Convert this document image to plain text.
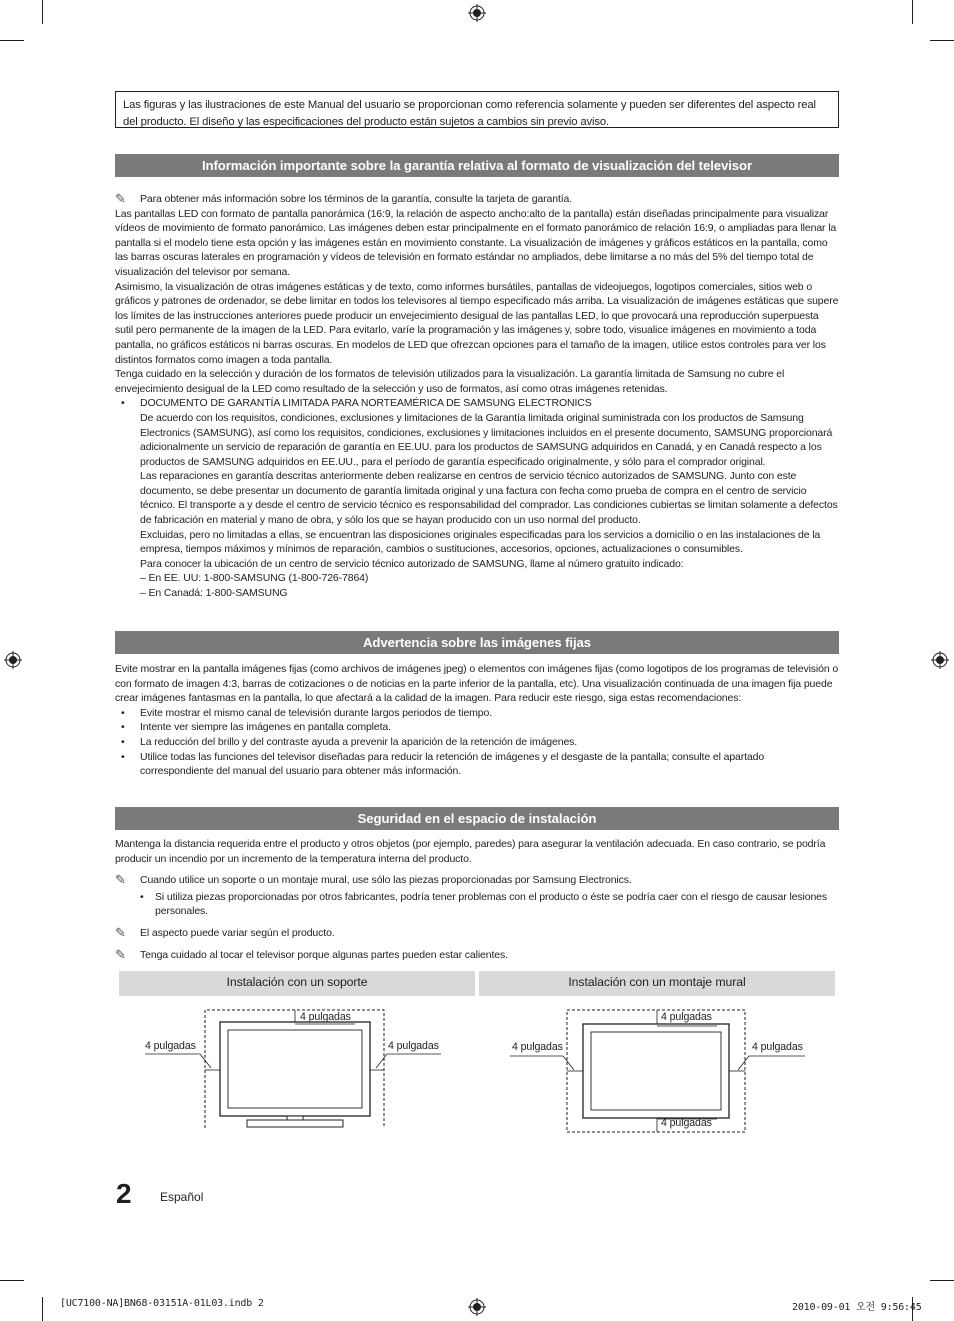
Las figuras y las ilustraciones de este Manual del usuario se proporcionan como referencia solamente y pueden ser diferentes del aspecto real del producto. El diseño y las especificaciones del producto están sujetos a cambios sin previo aviso.
Información importante sobre la garantía relativa al formato de visualización del televisor

✎ Para obtener más información sobre los términos de la garantía, consulte la tarjeta de garantía.

Las pantallas LED con formato de pantalla panorámica (16:9, la relación de aspecto ancho:alto de la pantalla) están diseñadas principalmente para visualizar vídeos de movimiento de formato panorámico. Las imágenes deben estar principalmente en el formato panorámico de relación 16:9, o ampliadas para llenar la pantalla si el modelo tiene esta opción y las imágenes están en movimiento constante. La visualización de imágenes y gráficos estáticos en la pantalla, como las barras oscuras laterales en programación y vídeos de televisión en formato estándar no ampliados, debe limitarse a no más del 5% del tiempo total de visualización del televisor por semana.

Asimismo, la visualización de otras imágenes estáticas y de texto, como informes bursátiles, pantallas de videojuegos, logotipos comerciales, sitios web o gráficos y patrones de ordenador, se debe limitar en todos los televisores al tiempo especificado más arriba. La visualización de imágenes estáticas que supere los límites de las instrucciones anteriores puede producir un envejecimiento desigual de las pantallas LED, lo que provocará una reproducción superpuesta sutil pero permanente de la imagen de la LED. Para evitarlo, varíe la programación y las imágenes y, sobre todo, visualice imágenes en movimiento a toda pantalla, no gráficos estáticos ni barras oscuras. En modelos de LED que ofrezcan opciones para el tamaño de la imagen, utilice estos controles para ver los distintos formatos como imagen a toda pantalla.

Tenga cuidado en la selección y duración de los formatos de televisión utilizados para la visualización. La garantía limitada de Samsung no cubre el envejecimiento desigual de la LED como resultado de la selección y uso de formatos, así como otras imágenes retenidas.

• DOCUMENTO DE GARANTÍA LIMITADA PARA NORTEAMÉRICA DE SAMSUNG ELECTRONICS

De acuerdo con los requisitos, condiciones, exclusiones y limitaciones de la Garantía limitada original suministrada con los productos de Samsung Electronics (SAMSUNG), así como los requisitos, condiciones, exclusiones y limitaciones incluidos en el presente documento, SAMSUNG proporcionará adicionalmente un servicio de reparación de garantía en EE.UU. para los productos de SAMSUNG adquiridos en Canadá, y en Canadá respecto a los productos de SAMSUNG adquiridos en EE.UU., para el período de garantía especificado originalmente, y sólo para el comprador original.

Las reparaciones en garantía descritas anteriormente deben realizarse en centros de servicio técnico autorizados de SAMSUNG. Junto con este documento, se debe presentar un documento de garantía limitada original y una factura con fecha como prueba de compra en el centro de servicio técnico. El transporte a y desde el centro de servicio técnico es responsabilidad del comprador. Las condiciones cubiertas se limitan solamente a defectos de fabricación en material y mano de obra, y sólo los que se hayan producido con un uso normal del producto.

Excluidas, pero no limitadas a ellas, se encuentran las disposiciones originales especificadas para los servicios a domicilio o en las instalaciones de la empresa, tiempos máximos y mínimos de reparación, cambios o sustituciones, accesorios, opciones, actualizaciones o consumibles.

Para conocer la ubicación de un centro de servicio técnico autorizado de SAMSUNG, llame al número gratuito indicado:

– En EE. UU: 1-800-SAMSUNG (1-800-726-7864)

– En Canadá: 1-800-SAMSUNG

Advertencia sobre las imágenes fijas

Evite mostrar en la pantalla imágenes fijas (como archivos de imágenes jpeg) o elementos con imágenes fijas (como logotipos de los programas de televisión o con formato de imagen 4:3, barras de cotizaciones o de noticias en la parte inferior de la pantalla, etc). Una visualización continuada de una imagen fija puede crear imágenes fantasmas en la pantalla, lo que afectará a la calidad de la imagen. Para reducir este riesgo, siga estas recomendaciones:

• Evite mostrar el mismo canal de televisión durante largos periodos de tiempo.

• Intente ver siempre las imágenes en pantalla completa.

• La reducción del brillo y del contraste ayuda a prevenir la aparición de la retención de imágenes.

• Utilice todas las funciones del televisor diseñadas para reducir la retención de imágenes y el desgaste de la pantalla; consulte el apartado correspondiente del manual del usuario para obtener más información.

Seguridad en el espacio de instalación

Mantenga la distancia requerida entre el producto y otros objetos (por ejemplo, paredes) para asegurar la ventilación adecuada. En caso contrario, se podría producir un incendio por un incremento de la temperatura interna del producto.

✎ Cuando utilice un soporte o un montaje mural, use sólo las piezas proporcionadas por Samsung Electronics.

• Si utiliza piezas proporcionadas por otros fabricantes, podría tener problemas con el producto o éste se podría caer con el riesgo de causar lesiones personales.

✎ El aspecto puede variar según el producto.

✎ Tenga cuidado al tocar el televisor porque algunas partes pueden estar calientes.

Instalación con un soporte	Instalación con un montaje mural
4 pulgadas
4 pulgadas	4 pulgadas
4 pulgadas
4 pulgadas	4 pulgadas
4 pulgadas
2 Español
[UC7100-NA]BN68-03151A-01L03.indb 2	2010-09-01 오전 9:56:45
